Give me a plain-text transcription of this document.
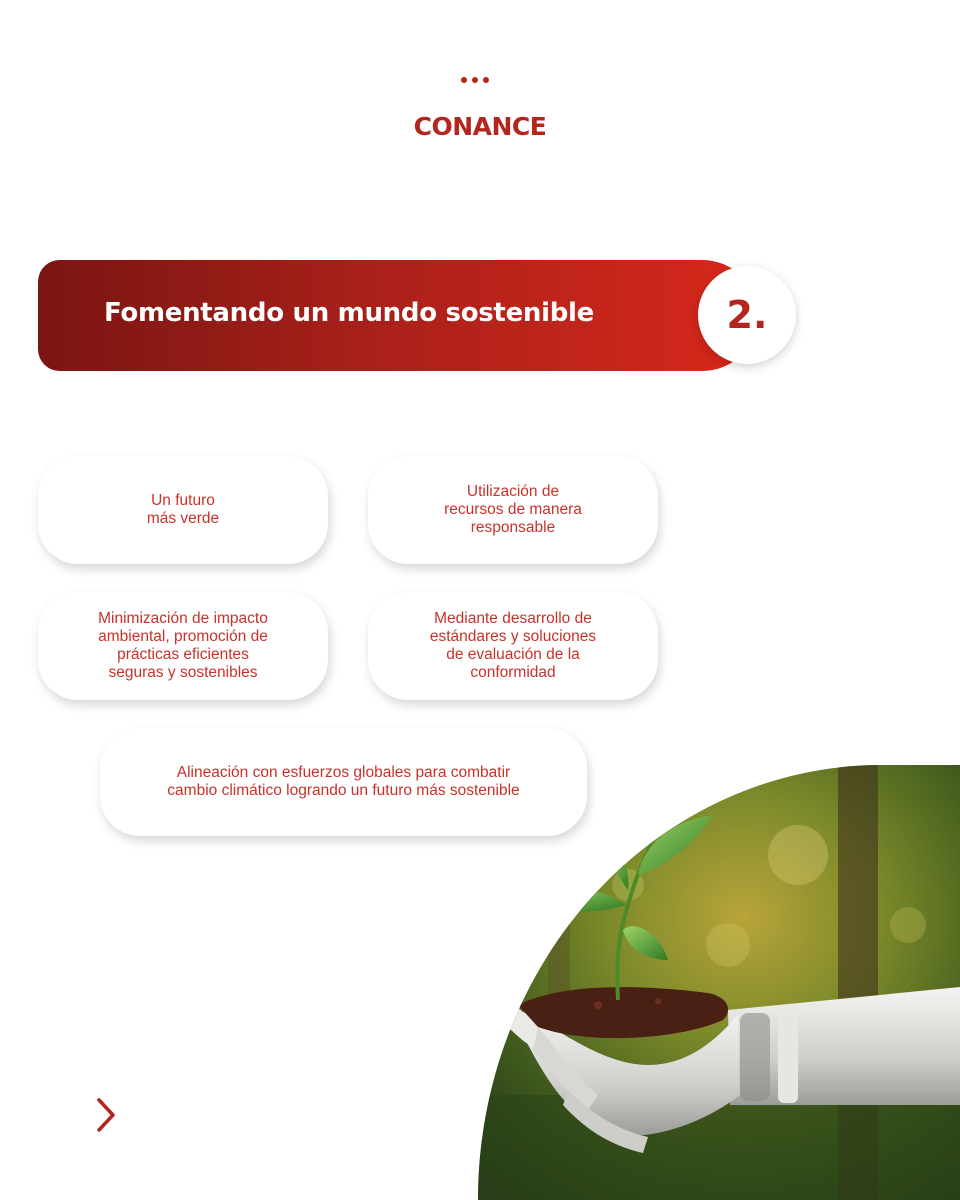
CONANCE
Fomentando un mundo sostenible	2.
Un futuro
más verde
Utilización de
recursos de manera
responsable
Minimización de impacto
ambiental, promoción de
prácticas eficientes
seguras y sostenibles
Mediante desarrollo de
estándares y soluciones
de evaluación de la
conformidad
Alineación con esfuerzos globales para combatir
cambio climático logrando un futuro más sostenible
